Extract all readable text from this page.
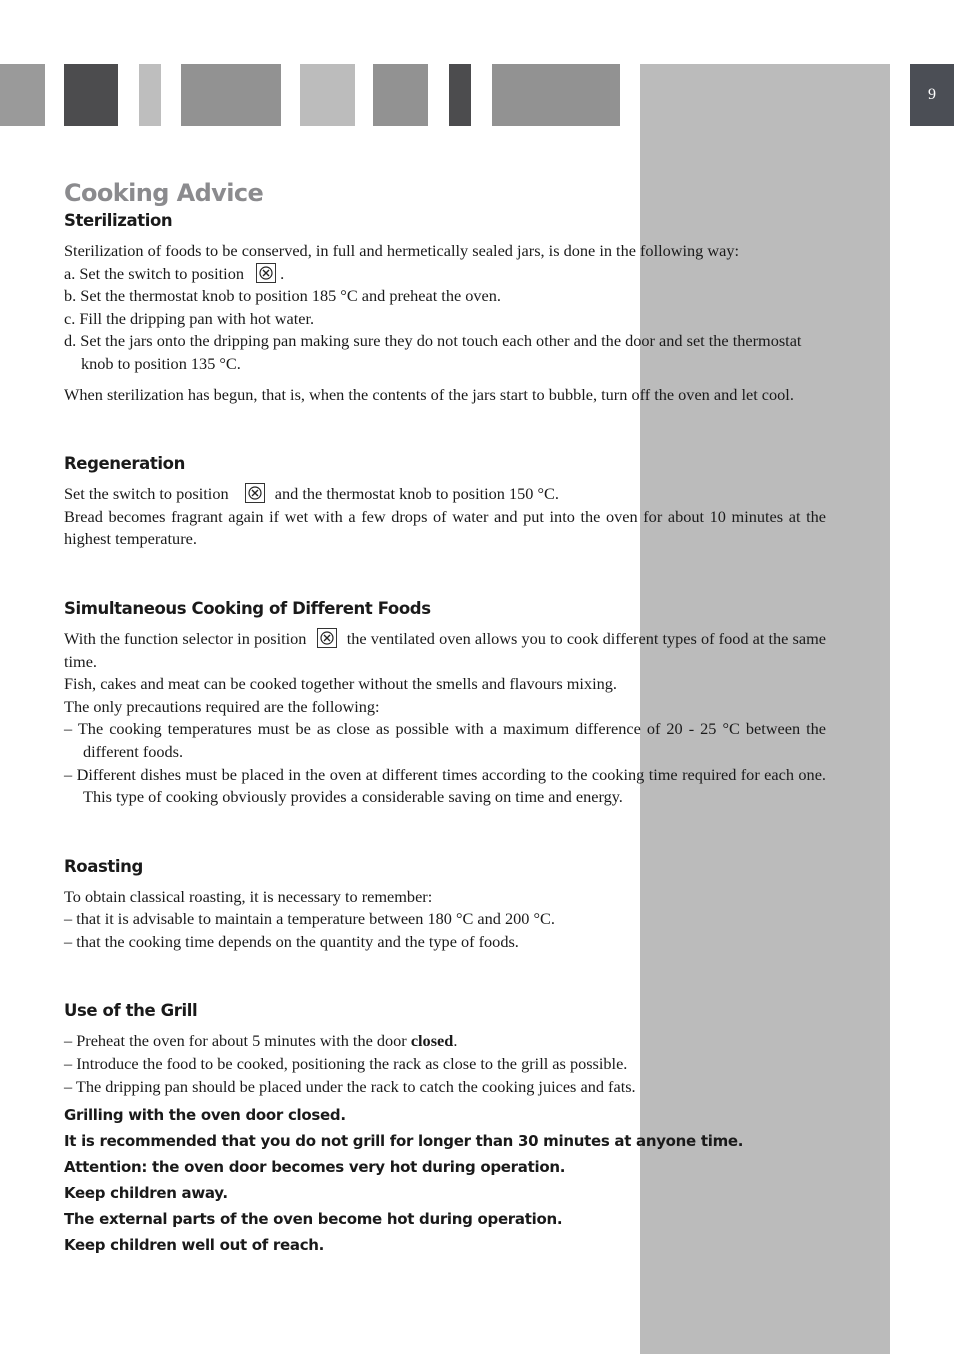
9
Cooking Advice
Sterilization

Sterilization of foods to be conserved, in full and hermetically sealed jars, is done in the following way:

a. Set the switch to position .

b. Set the thermostat knob to position 185 °C and preheat the oven.

c. Fill the dripping pan with hot water.

d. Set the jars onto the dripping pan making sure they do not touch each other and the door and set the thermostat knob to position 135 °C.

When sterilization has begun, that is, when the contents of the jars start to bubble, turn off the oven and let cool.

Regeneration

Set the switch to position	and the thermostat knob to position 150 °C.

Bread becomes fragrant again if wet with a few drops of water and put into the oven for about 10 minutes at the highest temperature.

Simultaneous Cooking of Different Foods

With the function selector in position the ventilated oven allows you to cook different types of food at the same time.

Fish, cakes and meat can be cooked together without the smells and flavours mixing.

The only precautions required are the following:

– The cooking temperatures must be as close as possible with a maximum difference of 20 - 25 °C between the different foods.

– Different dishes must be placed in the oven at different times according to the cooking time required for each one. This type of cooking obviously provides a considerable saving on time and energy.

Roasting

To obtain classical roasting, it is necessary to remember:

– that it is advisable to maintain a temperature between 180 °C and 200 °C.

– that the cooking time depends on the quantity and the type of foods.

Use of the Grill

– Preheat the oven for about 5 minutes with the door closed.

– Introduce the food to be cooked, positioning the rack as close to the grill as possible.

– The dripping pan should be placed under the rack to catch the cooking juices and fats.

Grilling with the oven door closed.

It is recommended that you do not grill for longer than 30 minutes at anyone time.

Attention: the oven door becomes very hot during operation.

Keep children away.

The external parts of the oven become hot during operation.

Keep children well out of reach.
